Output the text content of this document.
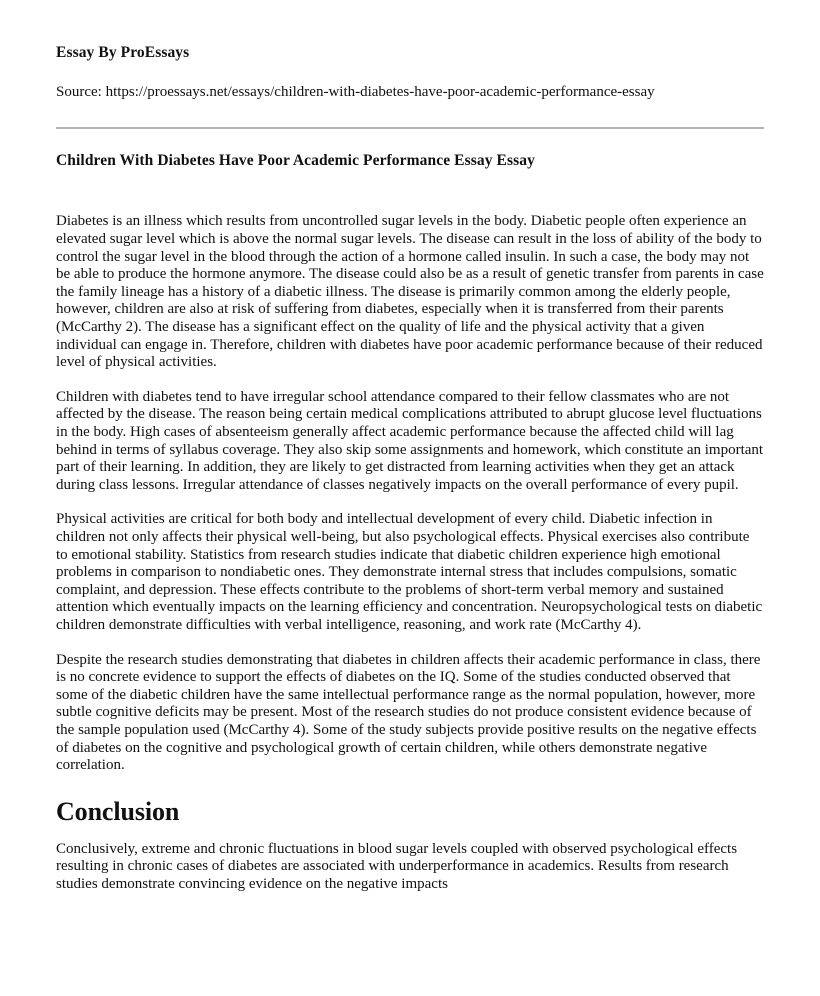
Essay By ProEssays
Source: https://proessays.net/essays/children-with-diabetes-have-poor-academic-performance-essay
Children With Diabetes Have Poor Academic Performance Essay Essay

Diabetes is an illness which results from uncontrolled sugar levels in the body. Diabetic people often experience an elevated sugar level which is above the normal sugar levels. The disease can result in the loss of ability of the body to control the sugar level in the blood through the action of a hormone called insulin. In such a case, the body may not be able to produce the hormone anymore. The disease could also be as a result of genetic transfer from parents in case the family lineage has a history of a diabetic illness. The disease is primarily common among the elderly people, however, children are also at risk of suffering from diabetes, especially when it is transferred from their parents (McCarthy 2). The disease has a significant effect on the quality of life and the physical activity that a given individual can engage in. Therefore, children with diabetes have poor academic performance because of their reduced level of physical activities.

Children with diabetes tend to have irregular school attendance compared to their fellow classmates who are not affected by the disease. The reason being certain medical complications attributed to abrupt glucose level fluctuations in the body. High cases of absenteeism generally affect academic performance because the affected child will lag behind in terms of syllabus coverage. They also skip some assignments and homework, which constitute an important part of their learning. In addition, they are likely to get distracted from learning activities when they get an attack during class lessons. Irregular attendance of classes negatively impacts on the overall performance of every pupil.

Physical activities are critical for both body and intellectual development of every child. Diabetic infection in children not only affects their physical well-being, but also psychological effects. Physical exercises also contribute to emotional stability. Statistics from research studies indicate that diabetic children experience high emotional problems in comparison to nondiabetic ones. They demonstrate internal stress that includes compulsions, somatic complaint, and depression. These effects contribute to the problems of short-term verbal memory and sustained attention which eventually impacts on the learning efficiency and concentration. Neuropsychological tests on diabetic children demonstrate difficulties with verbal intelligence, reasoning, and work rate (McCarthy 4).

Despite the research studies demonstrating that diabetes in children affects their academic performance in class, there is no concrete evidence to support the effects of diabetes on the IQ. Some of the studies conducted observed that some of the diabetic children have the same intellectual performance range as the normal population, however, more subtle cognitive deficits may be present. Most of the research studies do not produce consistent evidence because of the sample population used (McCarthy 4). Some of the study subjects provide positive results on the negative effects of diabetes on the cognitive and psychological growth of certain children, while others demonstrate negative correlation.

Conclusion

Conclusively, extreme and chronic fluctuations in blood sugar levels coupled with observed psychological effects resulting in chronic cases of diabetes are associated with underperformance in academics. Results from research studies demonstrate convincing evidence on the negative impacts
